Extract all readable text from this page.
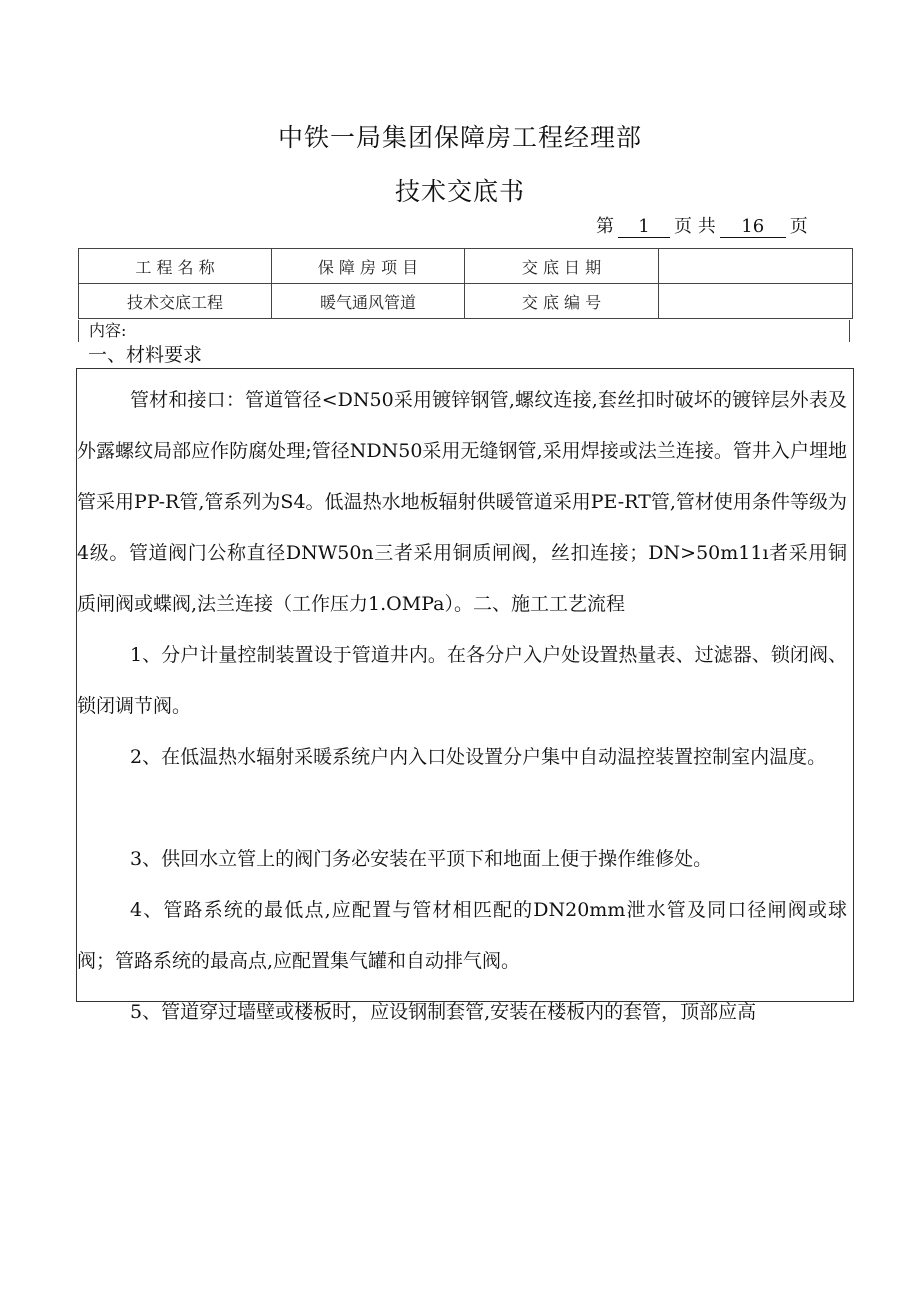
中铁一局集团保障房工程经理部
技术交底书
第 1 页 共 16 页
工 程 名 称	保 障 房 项 目	交 底 日 期	
技术交底工程	暖气通风管道	交 底 编 号	
内容:
一、材料要求
管材和接口：管道管径<DN50采用镀锌钢管,螺纹连接,套丝扣时破坏的镀锌层外表及外露螺纹局部应作防腐处理;管径NDN50采用无缝钢管,采用焊接或法兰连接。管井入户埋地管采用PP-R管,管系列为S4。低温热水地板辐射供暖管道采用PE-RT管,管材使用条件等级为4级。管道阀门公称直径DNW50n三者采用铜质闸阀，丝扣连接；DN>50m11ı者采用铜质闸阀或蝶阀,法兰连接（工作压力1.OMPa）。二、施工工艺流程
1、分户计量控制装置设于管道井内。在各分户入户处设置热量表、过滤器、锁闭阀、锁闭调节阀。
2、在低温热水辐射采暖系统户内入口处设置分户集中自动温控装置控制室内温度。
3、供回水立管上的阀门务必安装在平顶下和地面上便于操作维修处。
4、管路系统的最低点,应配置与管材相匹配的DN20mm泄水管及同口径闸阀或球阀；管路系统的最高点,应配置集气罐和自动排气阀。
5、管道穿过墙壁或楼板时，应设钢制套管,安装在楼板内的套管，顶部应高
